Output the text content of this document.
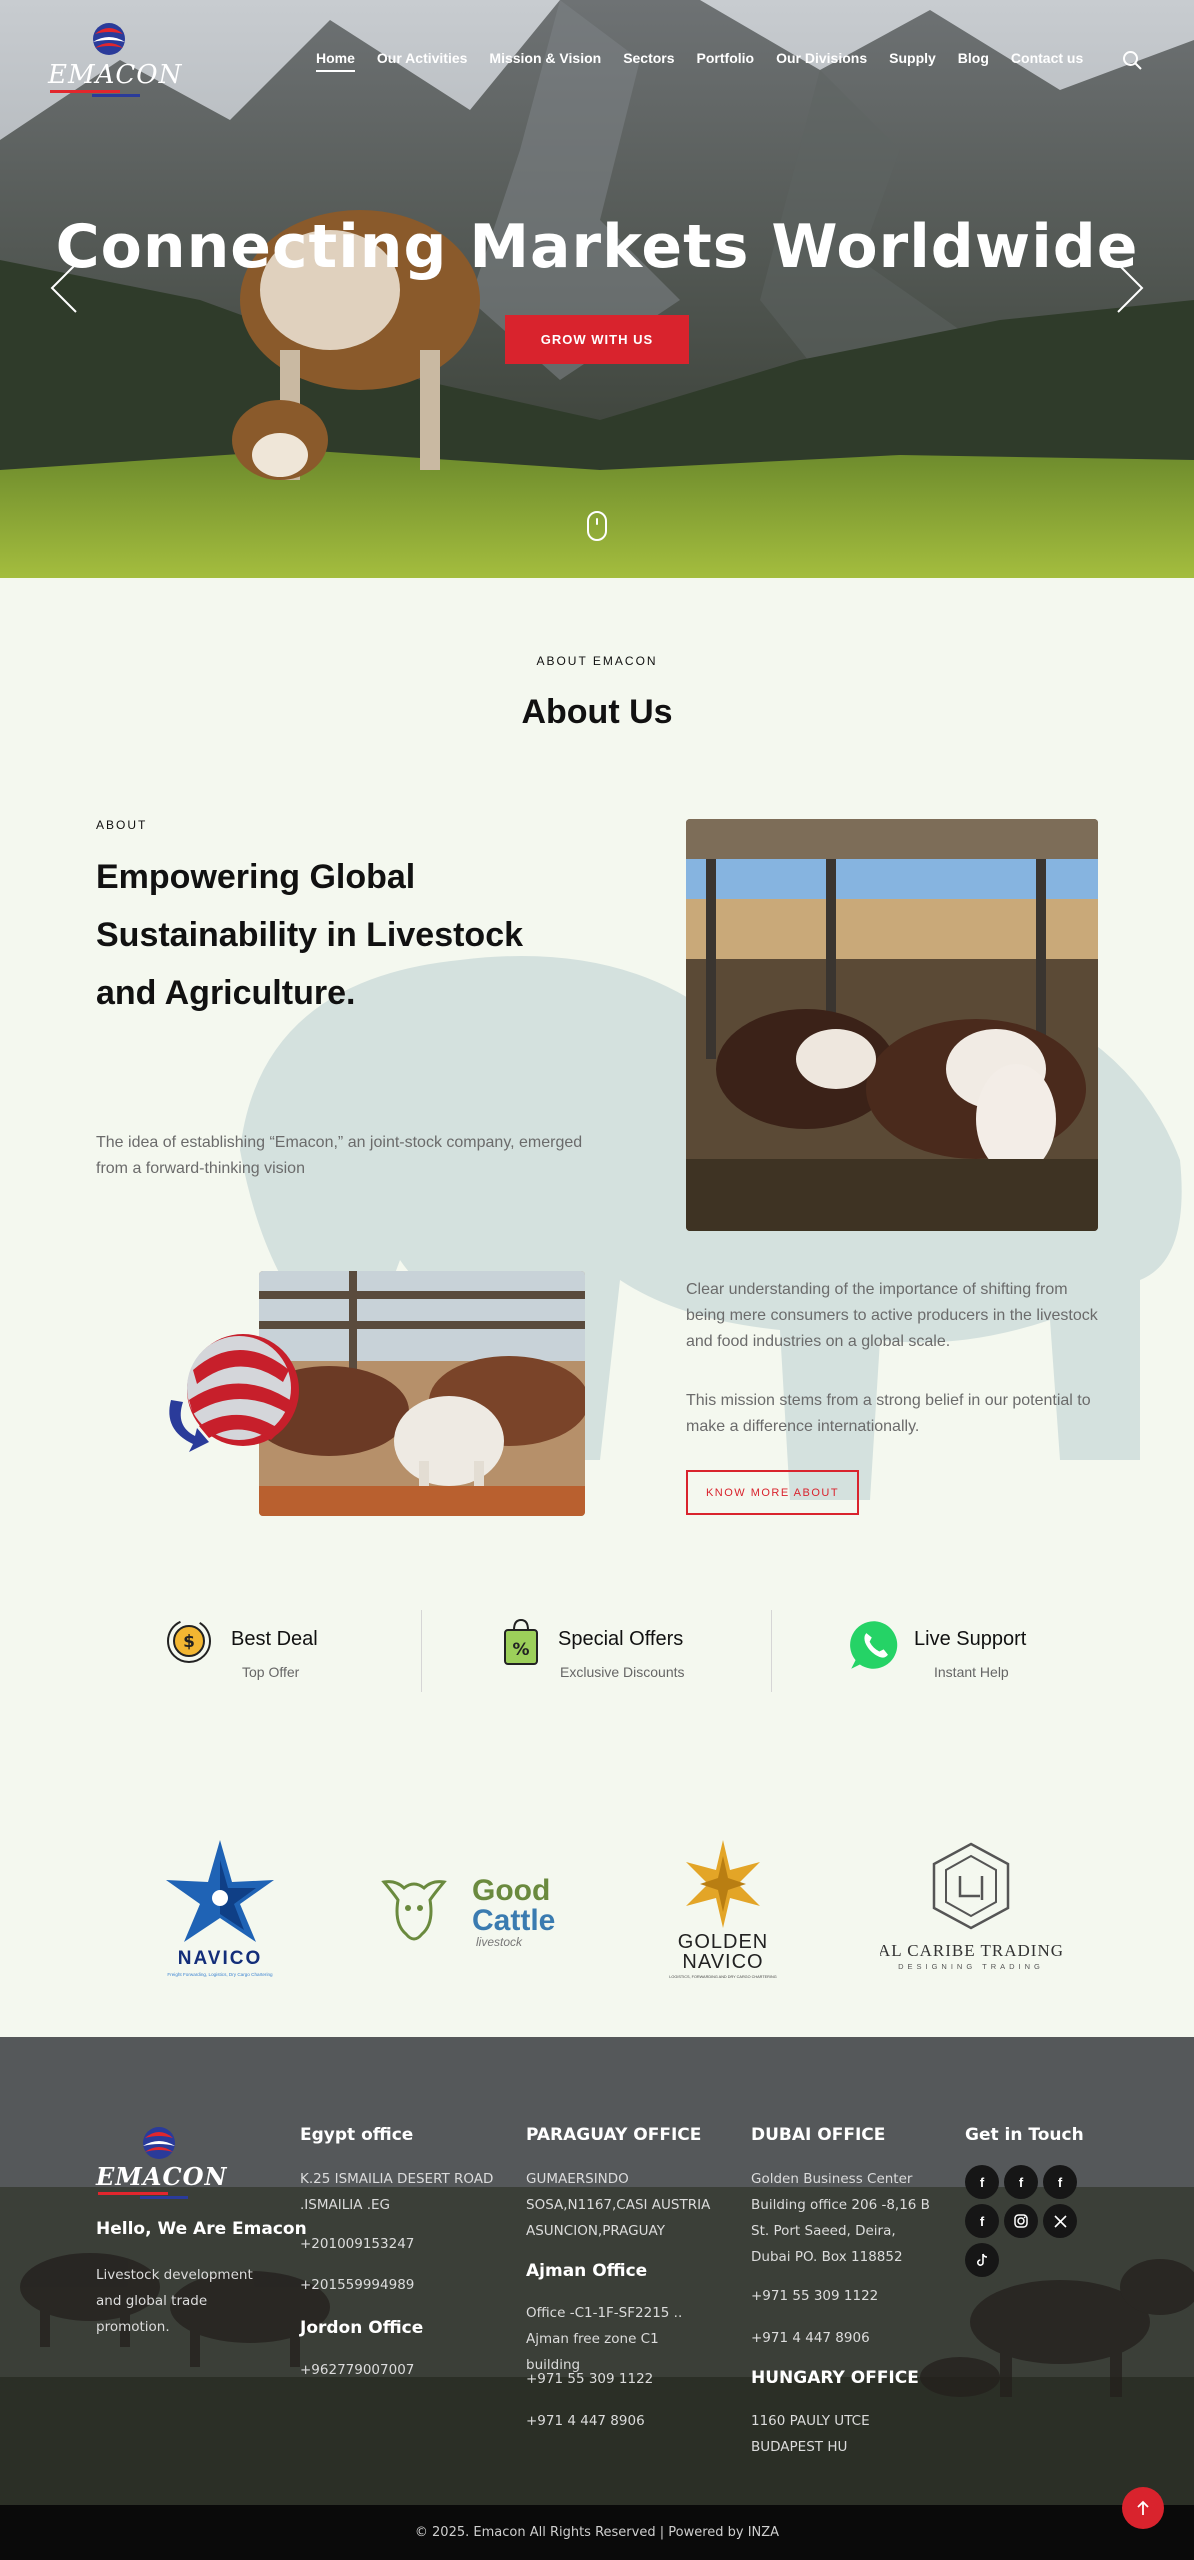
EMACON
Home Our Activities Mission & Vision Sectors Portfolio Our Divisions Supply Blog Contact us
Connecting Markets Worldwide
GROW WITH US
ABOUT EMACON
About Us
ABOUT
Empowering Global Sustainability in Livestock and Agriculture.

The idea of establishing “Emacon,” an joint-stock company, emerged from a forward-thinking vision

Clear understanding of the importance of shifting from being mere consumers to active producers in the livestock and food industries on a global scale.

This mission stems from a strong belief in our potential to make a difference internationally.

KNOW MORE ABOUT
$ Best Deal
Top Offer
% Special Offers
Exclusive Discounts
Live Support
Instant Help
NAVICO
Freight Forwarding, Logistics, Dry Cargo Chartering
Good
Cattle
livestock	GOLDEN
NAVICO
LOGISTICS, FORWARDING AND DRY CARGO CHARTERING
AL CARIBE TRADING
DESIGNING TRADING
EMACON
Hello, We Are Emacon
Livestock development and global trade promotion.
Egypt office
K.25 ISMAILIA DESERT ROAD .ISMAILIA .EG
+201009153247
+201559994989
Jordon Office
+962779007007
PARAGUAY OFFICE
GUMAERSINDO SOSA,N1167,CASI AUSTRIA ASUNCION,PRAGUAY
Ajman Office
Office -C1-1F-SF2215 .. Ajman free zone C1 building
+971 55 309 1122
+971 4 447 8906
DUBAI OFFICE
Golden Business Center Building office 206 -8,16 B St. Port Saeed, Deira, Dubai PO. Box 118852
+971 55 309 1122
+971 4 447 8906
HUNGARY OFFICE
1160 PAULY UTCE BUDAPEST HU
Get in Touch
f	f	f
f
© 2025. Emacon All Rights Reserved | Powered by INZA
